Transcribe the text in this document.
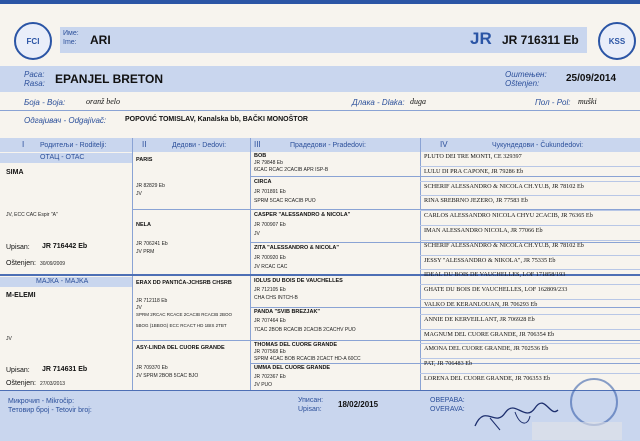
FCI	KSS
Име:
Ime: ARI	JR JR 716311 Eb
Раса:
Rasa: EPANJEL BRETON	Оштењен:
Oštenjen:	25/09/2014
Боја - Boja:	oranž belo	Длака - Dlaka: duga	Пол - Pol: muški
Одгајивач - Odgajivač:	POPOVIĆ TOMISLAV, Kanalska bb, BAČKI MONOŠTOR
I Родитељи - Roditelji:	II	Дедови - Dedovi:	III	Прадедови - Pradedovi:	IV	Чукундедови - Čukundedovi:
ОТАЦ - OTAC
SIMA
JV, ECC CAC Espir "A"
Upisan: JR 716442 Eb
Oštenjen: 30/09/2009
МАЈКА - MAJKA
M-ELEMI
JV
Upisan: JR 714631 Eb
Oštenjen: 27/03/2013
PARIS
JR 82829 Eb
JV
NELA
JR 706241 Eb
JV PRM
ERAX DD PANTIĆA-JCHSRB CHSRB
JR 712118 Eb
JV
SPRM 2RCAC RCACE 2CACIB RCACIB 2BOO
5BOG (1BBOG) ECC RCACT HD 1BIS 2TBT
ASY-LINDA DEL CUORE GRANDE
JR 709370 Eb
JV SPRM 2BOB 5CAC BJO
BOB
JR 79848 Eb
6CAC RCAC 2CACIB APR ISP-B
CIRCA
JR 701891 Eb
SPRM 5CAC RCACIB PUO
CASPER "ALESSANDRO & NICOLA"
JR 700907 Eb
JV
ZITA "ALESSANDRO & NICOLA"
JR 700920 Eb
JV RCAC CAC
IOLUS DU BOIS DE VAUCHELLES
JR 712105 Eb
CHA CHS INTCH-B
PANDA "SVIB BREZJAK"
JR 707464 Eb
7CAC 2BOB RCACIB 2CACIB 2CACHV PUO
THOMAS DEL CUORE GRANDE
JR 707568 Eb
SPRM 4CAC BOB RCACIB 2CACT HD-A 60CC
UMMA DEL CUORE GRANDE
JR 702367 Eb
JV PUO
PLUTO DEI TRE MONTI, CE 329397
LULU DI PRA CAPONE, JR 79286 Eb
SCHERIF ALESSANDRO & NICOLA CH.YU.B, JR 78102 Eb
RINA SREBRNO JEZERO, JR 77583 Eb
CARLOS ALESSANDRO NICOLA CHYU 2CACIB, JR 76365 Eb
IMAN ALESSANDRO NICOLA, JR 77066 Eb
SCHERIF ALESSANDRO & NICOLA CH.YU.B, JR 78102 Eb
JESSY "ALESSANDRO & NIKOLA", JR 75335 Eb
IDEAL DU BOIS DE VAUCHELLES, LOF 171858/193
GHATE DU BOIS DE VAUCHELLES, LOF 162809/233
VALKO DE KERANLOUAN, JR 706293 Eb
ANNIE DE KERVEILLANT, JR 706928 Eb
MAGNUM DEL CUORE GRANDE, JR 706354 Eb
AMONA DEL CUORE GRANDE, JR 702536 Eb
PAT, JR 706483 Eb
LORENA DEL CUORE GRANDE, JR 706353 Eb
Микрочип - Mikročip:
Тетовир број - Tetovir broj:
Уписан:
Upisan:
18/02/2015	ОВЕРАВА:
OVERAVA:
